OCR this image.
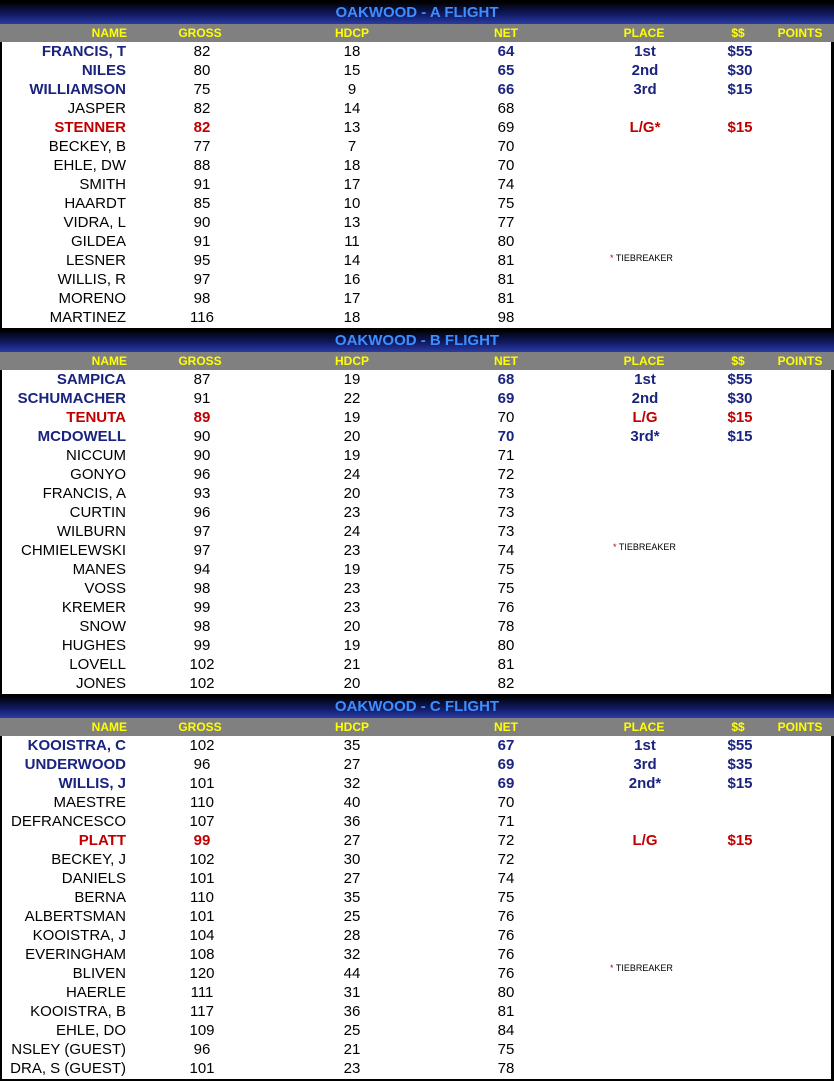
OAKWOOD - A FLIGHT
NAME	GROSS	HDCP	NET	PLACE	$$	POINTS
FRANCIS, T	82	18	64	1st	$55
NILES	80	15	65	2nd	$30
WILLIAMSON	75	9	66	3rd	$15
JASPER	82	14	68
STENNER	82	13	69	L/G*	$15
BECKEY, B	77	7	70
EHLE, DW	88	18	70
SMITH	91	17	74
HAARDT	85	10	75
VIDRA, L	90	13	77
GILDEA	91	11	80
LESNER	95	14	81
WILLIS, R	97	16	81
MORENO	98	17	81
MARTINEZ	116	18	98
* TIEBREAKER
OAKWOOD - B FLIGHT
NAME	GROSS	HDCP	NET	PLACE	$$	POINTS
SAMPICA	87	19	68	1st	$55
SCHUMACHER	91	22	69	2nd	$30
TENUTA	89	19	70	L/G	$15
MCDOWELL	90	20	70	3rd*	$15
NICCUM	90	19	71
GONYO	96	24	72
FRANCIS, A	93	20	73
CURTIN	96	23	73
WILBURN	97	24	73
CHMIELEWSKI	97	23	74
MANES	94	19	75
VOSS	98	23	75
KREMER	99	23	76
SNOW	98	20	78
HUGHES	99	19	80
LOVELL	102	21	81
JONES	102	20	82
* TIEBREAKER
OAKWOOD - C FLIGHT
NAME	GROSS	HDCP	NET	PLACE	$$	POINTS
KOOISTRA, C	102	35	67	1st	$55
UNDERWOOD	96	27	69	3rd	$35
WILLIS, J	101	32	69	2nd*	$15
MAESTRE	110	40	70
DEFRANCESCO	107	36	71
PLATT	99	27	72	L/G	$15
BECKEY, J	102	30	72
DANIELS	101	27	74
BERNA	110	35	75
ALBERTSMAN	101	25	76
KOOISTRA, J	104	28	76
EVERINGHAM	108	32	76
BLIVEN	120	44	76
HAERLE	111	31	80
KOOISTRA, B	117	36	81
EHLE, DO	109	25	84
NSLEY (GUEST)	96	21	75
DRA, S (GUEST)	101	23	78
* TIEBREAKER
